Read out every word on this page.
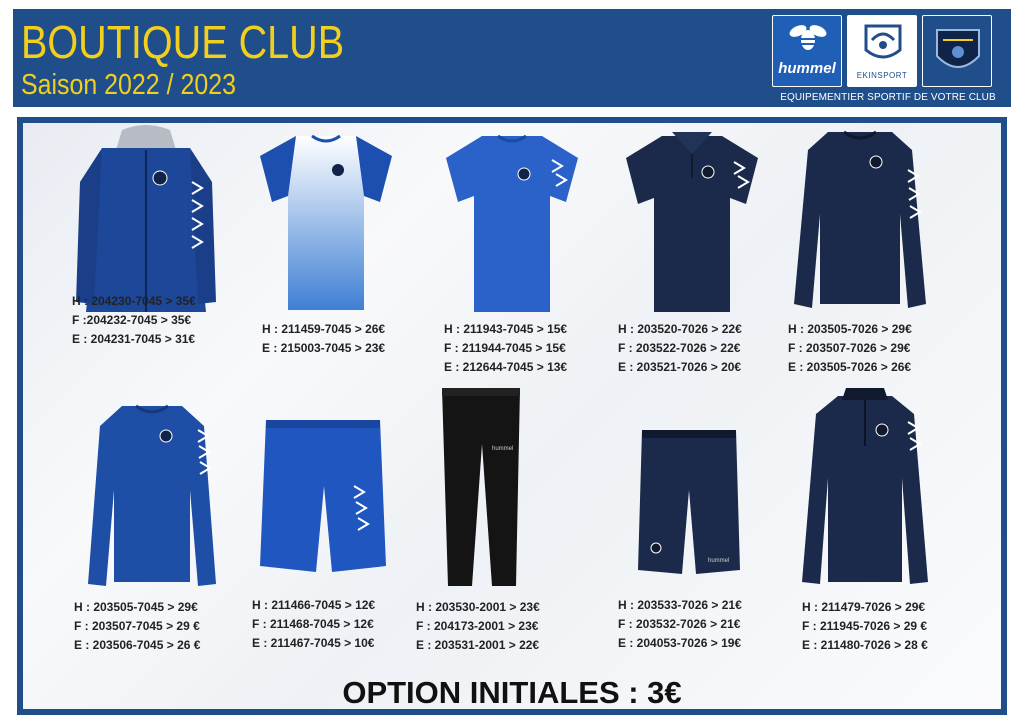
BOUTIQUE CLUB
Saison 2022 / 2023
hummel	EKINSPORT
EQUIPEMENTIER SPORTIF DE VOTRE CLUB
H : 204230-7045 > 35€
F :204232-7045 > 35€
E : 204231-7045 > 31€
H : 211459-7045 > 26€
E : 215003-7045 > 23€
H : 211943-7045 > 15€
F : 211944-7045 > 15€
E : 212644-7045 > 13€
H : 203520-7026 > 22€
F : 203522-7026 > 22€
E : 203521-7026 > 20€
H : 203505-7026 > 29€
F : 203507-7026 > 29€
E : 203505-7026 > 26€
H : 203505-7045 > 29€
F : 203507-7045 > 29 €
E : 203506-7045 > 26 €
H : 211466-7045 > 12€
F : 211468-7045 > 12€
E : 211467-7045 > 10€
hummel
H : 203530-2001 > 23€
F : 204173-2001 > 23€
E : 203531-2001 > 22€
hummel
H : 203533-7026 > 21€
F : 203532-7026 > 21€
E : 204053-7026 > 19€
H : 211479-7026 > 29€
F : 211945-7026 > 29 €
E : 211480-7026 > 28 €
OPTION INITIALES : 3€
